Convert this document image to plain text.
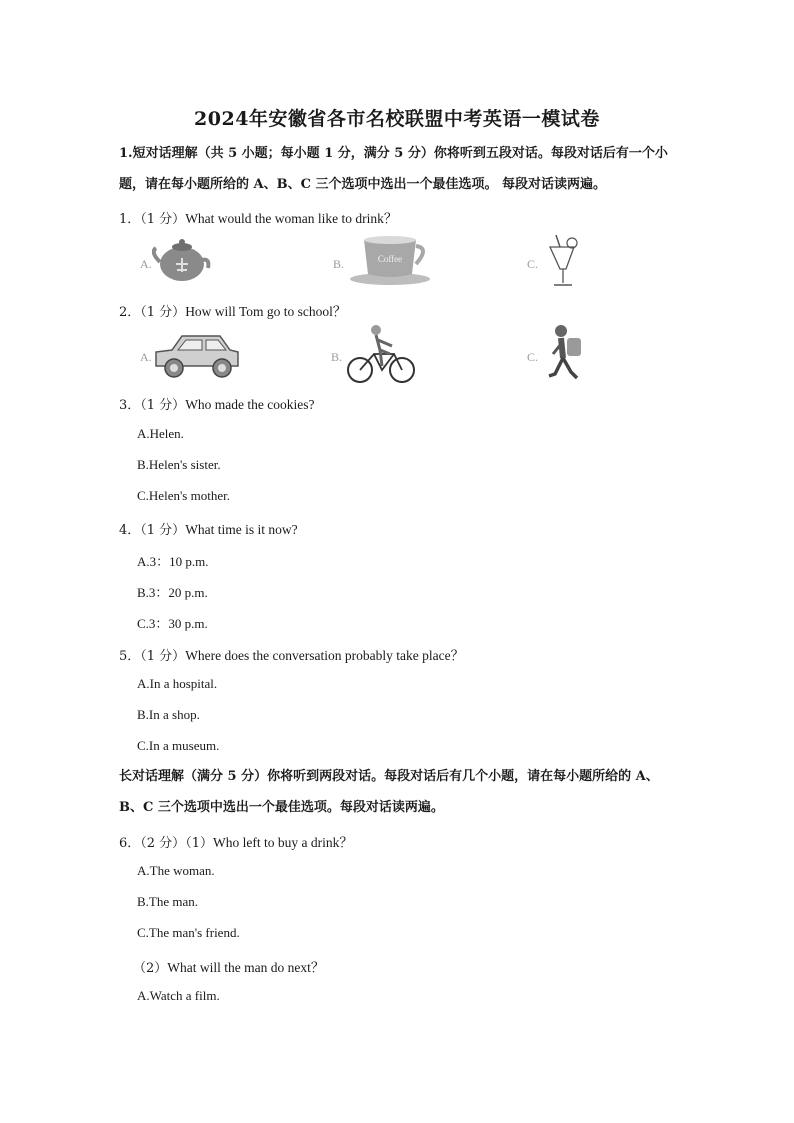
2024年安徽省各市名校联盟中考英语一模试卷
1.短对话理解（共 5 小题；每小题 1 分，满分 5 分）你将听到五段对话。每段对话后有一个小题，请在每小题所给的 A、B、C 三个选项中选出一个最佳选项。 每段对话读两遍。
1．（1 分）What would the woman like to drink？
A.	B.	Coffee	C.
2．（1 分）How will Tom go to school？
A.	B.	C.
3．（1 分）Who made the cookies?
A.Helen.
B.Helen's sister.
C.Helen's mother.
4．（1 分）What time is it now?
A.3：10 p.m.
B.3：20 p.m.
C.3：30 p.m.
5．（1 分）Where does the conversation probably take place？
A.In a hospital.
B.In a shop.
C.In a museum.
长对话理解（满分 5 分）你将听到两段对话。每段对话后有几个小题，请在每小题所给的 A、B、C 三个选项中选出一个最佳选项。每段对话读两遍。
6．（2 分）（1）Who left to buy a drink？
A.The woman.
B.The man.
C.The man's friend.
（2）What will the man do next？
A.Watch a film.
